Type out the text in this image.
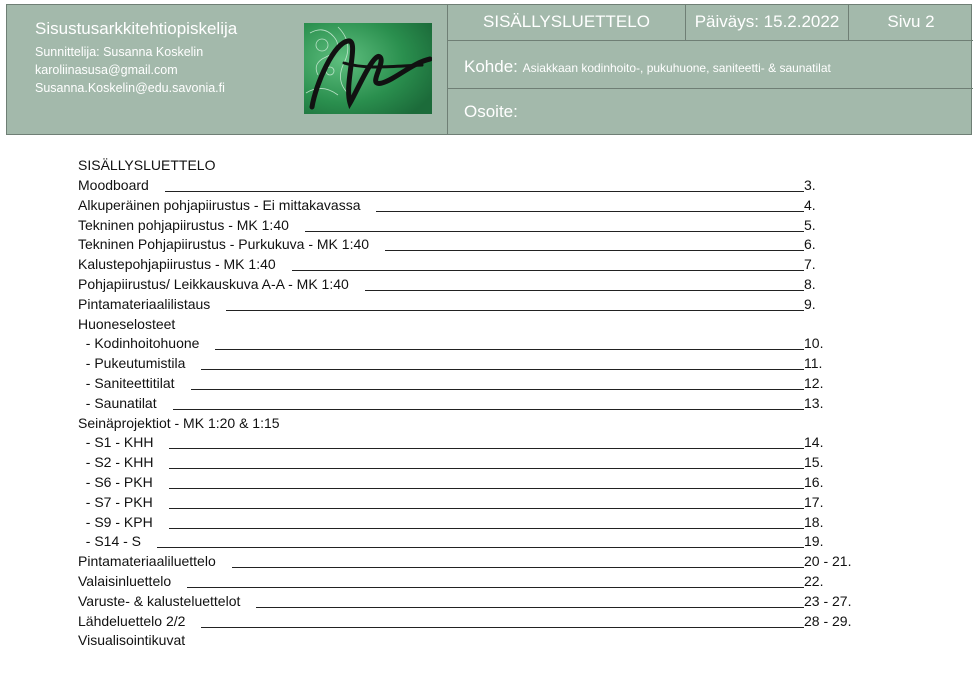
Sisustusarkkitehtiopiskelija
Sunnittelija: Susanna Koskelin
karoliinasusa@gmail.com
Susanna.Koskelin@edu.savonia.fi
SISÄLLYSLUETTELO	Päiväys: 15.2.2022	Sivu 2
Kohde: Asiakkaan kodinhoito-, pukuhuone, saniteetti- & saunatilat
Osoite:
SISÄLLYSLUETTELO
Moodboard	3.
Alkuperäinen pohjapiirustus - Ei mittakavassa	4.
Tekninen pohjapiirustus - MK 1:40	5.
Tekninen Pohjapiirustus - Purkukuva - MK 1:40	6.
Kalustepohjapiirustus - MK 1:40	7.
Pohjapiirustus/ Leikkauskuva A-A - MK 1:40	8.
Pintamateriaalilistaus	9.
Huoneselosteet
- Kodinhoitohuone	10.
- Pukeutumistila	11.
- Saniteettitilat	12.
- Saunatilat	13.
Seinäprojektiot - MK 1:20 & 1:15
- S1 - KHH	14.
- S2 - KHH	15.
- S6 - PKH	16.
- S7 - PKH	17.
- S9 - KPH	18.
- S14 - S	19.
Pintamateriaaliluettelo	20 - 21.
Valaisinluettelo	22.
Varuste- & kalusteluettelot	23 - 27.
Lähdeluettelo 2/2	28 - 29.
Visualisointikuvat
